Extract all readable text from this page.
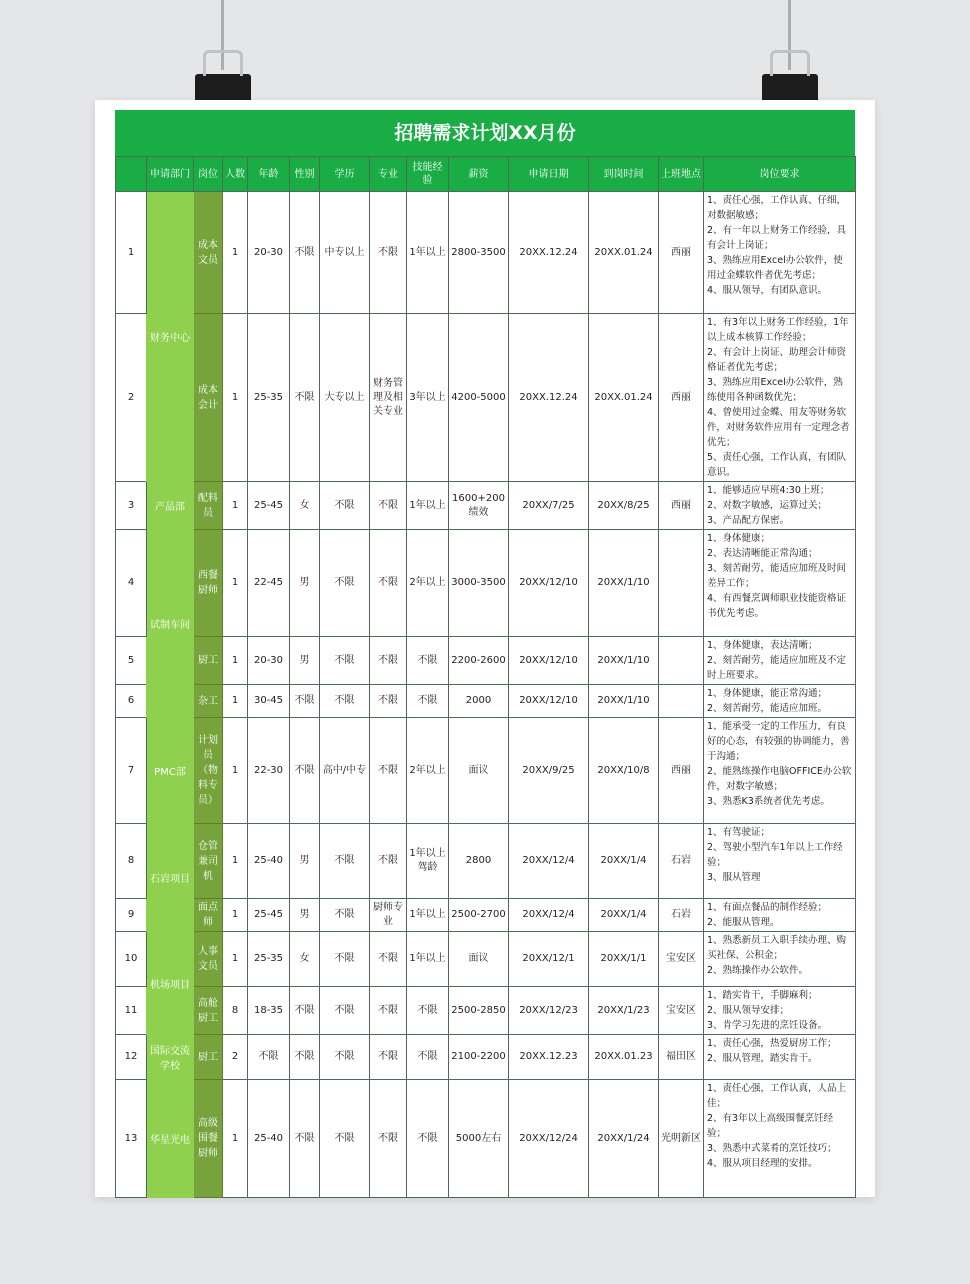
招聘需求计划XX月份
	申请部门	岗位	人数	年龄	性别	学历	专业	技能经验	薪资	申请日期	到岗时间	上班地点	岗位要求
1	财务中心	成本文员	1	20-30	不限	中专以上	不限	1年以上	2800-3500	20XX.12.24	20XX.01.24	西丽	1、责任心强，工作认真、仔细，对数据敏感；
2、有一年以上财务工作经验，具有会计上岗证；
3、熟练应用Excel办公软件，使用过金蝶软件者优先考虑；
4、服从领导，有团队意识。

2		成本会计	1	25-35	不限	大专以上	财务管理及相关专业	3年以上	4200-5000	20XX.12.24	20XX.01.24	西丽	1、有3年以上财务工作经验，1年以上成本核算工作经验；
2、有会计上岗证、助理会计师资格证者优先考虑；
3、熟练应用Excel办公软件，熟练使用各种函数优先；
4、曾使用过金蝶、用友等财务软件，对财务软件应用有一定理念者优先；
5、责任心强，工作认真，有团队意识。

3	产品部	配料员	1	25-45	女	不限	不限	1年以上	1600+200绩效	20XX/7/25	20XX/8/25	西丽	1、能够适应早班4:30上班；
2、对数字敏感，运算过关；
3、产品配方保密。

4	试制车间	西餐厨师	1	22-45	男	不限	不限	2年以上	3000-3500	20XX/12/10	20XX/1/10		1、身体健康；
2、表达清晰能正常沟通；
3、刻苦耐劳，能适应加班及时间差异工作；
4、有西餐烹调师职业技能资格证书优先考虑。

5		厨工	1	20-30	男	不限	不限	不限	2200-2600	20XX/12/10	20XX/1/10		1、身体健康，表达清晰；
2、刻苦耐劳，能适应加班及不定时上班要求。

6		杂工	1	30-45	不限	不限	不限	不限	2000	20XX/12/10	20XX/1/10		1、身体健康，能正常沟通；
2、刻苦耐劳，能适应加班。

7	PMC部	计划员（物料专员）	1	22-30	不限	高中/中专	不限	2年以上	面议	20XX/9/25	20XX/10/8	西丽	1、能承受一定的工作压力，有良好的心态，有较强的协调能力，善于沟通；
2、能熟练操作电脑OFFICE办公软件，对数字敏感；
3、熟悉K3系统者优先考虑。

8	石岩项目	仓管兼司机	1	25-40	男	不限	不限	1年以上驾龄	2800	20XX/12/4	20XX/1/4	石岩	1、有驾驶证；
2、驾驶小型汽车1年以上工作经验；
3、服从管理

9		面点师	1	25-45	男	不限	厨师专业	1年以上	2500-2700	20XX/12/4	20XX/1/4	石岩	1、有面点餐品的制作经验；
2、能服从管理。

10	机场项目	人事文员	1	25-35	女	不限	不限	1年以上	面议	20XX/12/1	20XX/1/1	宝安区	1、熟悉新员工入职手续办理、购买社保、公积金；
2、熟练操作办公软件。

11		高舱厨工	8	18-35	不限	不限	不限	不限	2500-2850	20XX/12/23	20XX/1/23	宝安区	1、踏实肯干，手脚麻利；
2、服从领导安排；
3、肯学习先进的烹饪设备。

12	国际交流学校	厨工	2	不限	不限	不限	不限	不限	2100-2200	20XX.12.23	20XX.01.23	福田区	1、责任心强，热爱厨房工作；
2、服从管理，踏实肯干。

13	华星光电	高级围餐厨师	1	25-40	不限	不限	不限	不限	5000左右	20XX/12/24	20XX/1/24	光明新区	1、责任心强，工作认真，人品上佳；
2、有3年以上高级围餐烹饪经验；
3、熟悉中式菜肴的烹饪技巧；
4、服从项目经理的安排。
